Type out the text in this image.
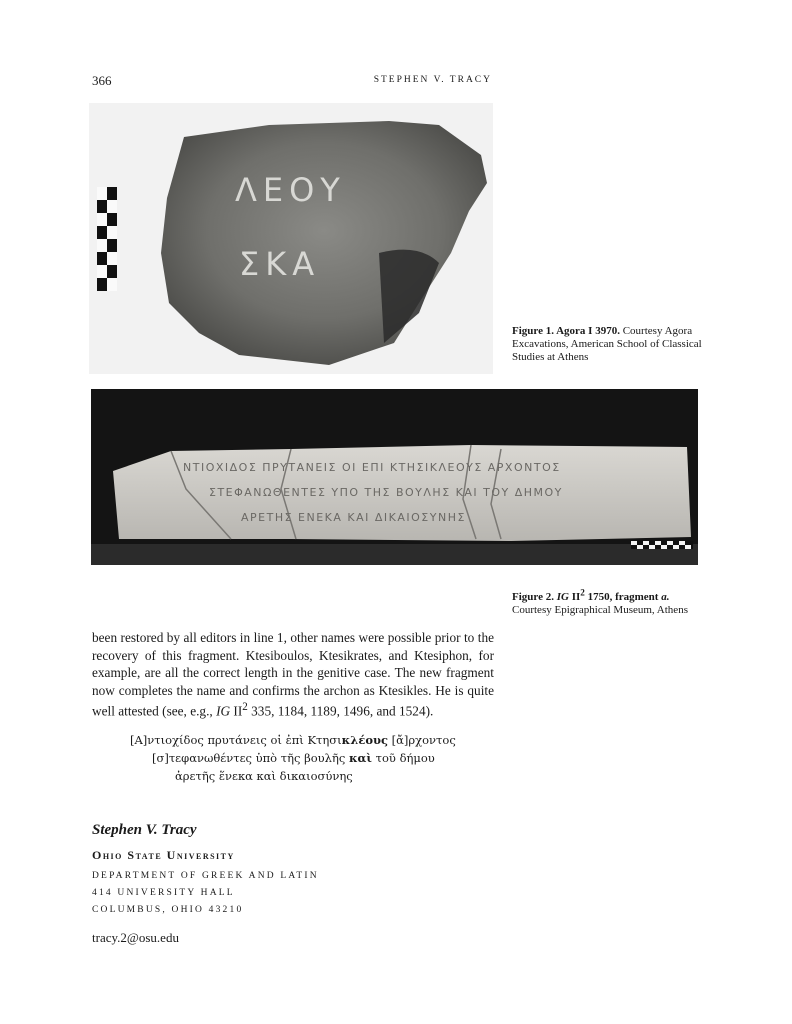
366	STEPHEN V. TRACY
ΛΕΟΥ
ΣΚΑ
Figure 1. Agora I 3970. Courtesy Agora Excavations, American School of Classical Studies at Athens
ΝΤΙΟΧΙΔΟΣ ΠΡΥΤΑΝΕΙΣ ΟΙ ΕΠΙ ΚΤΗΣΙΚΛΕΟΥΣ ΑΡΧΟΝΤΟΣ
ΣΤΕΦΑΝΩΘΕΝΤΕΣ ΥΠΟ ΤΗΣ ΒΟΥΛΗΣ ΚΑΙ ΤΟΥ ΔΗΜΟΥ
ΑΡΕΤΗΣ ΕΝΕΚΑ ΚΑΙ ΔΙΚΑΙΟΣΥΝΗΣ
Figure 2. IG $II^2$ 1750, fragment a.
Courtesy Epigraphical Museum, Athens
been restored by all editors in line 1, other names were possible prior to the recovery of this fragment. Ktesiboulos, Ktesikrates, and Ktesiphon, for example, are all the correct length in the genitive case. The new fragment now completes the name and confirms the archon as Ktesikles. He is quite well attested (see, e.g., IG $II^2$ 335, 1184, 1189, 1496, and 1524).
[Α]ντιοχίδος πρυτάνεις οἱ ἐπὶ Κτησικλέους [ἄ]ρχοντος
[σ]τεφανωθέντες ὑπὸ τῆς βουλῆς καὶ τοῦ δήμου
ἀρετῆς ἕνεκα καὶ δικαιοσύνης
Stephen V. Tracy
Ohio State University
DEPARTMENT OF GREEK AND LATIN
414 UNIVERSITY HALL
COLUMBUS, OHIO 43210
tracy.2@osu.edu
